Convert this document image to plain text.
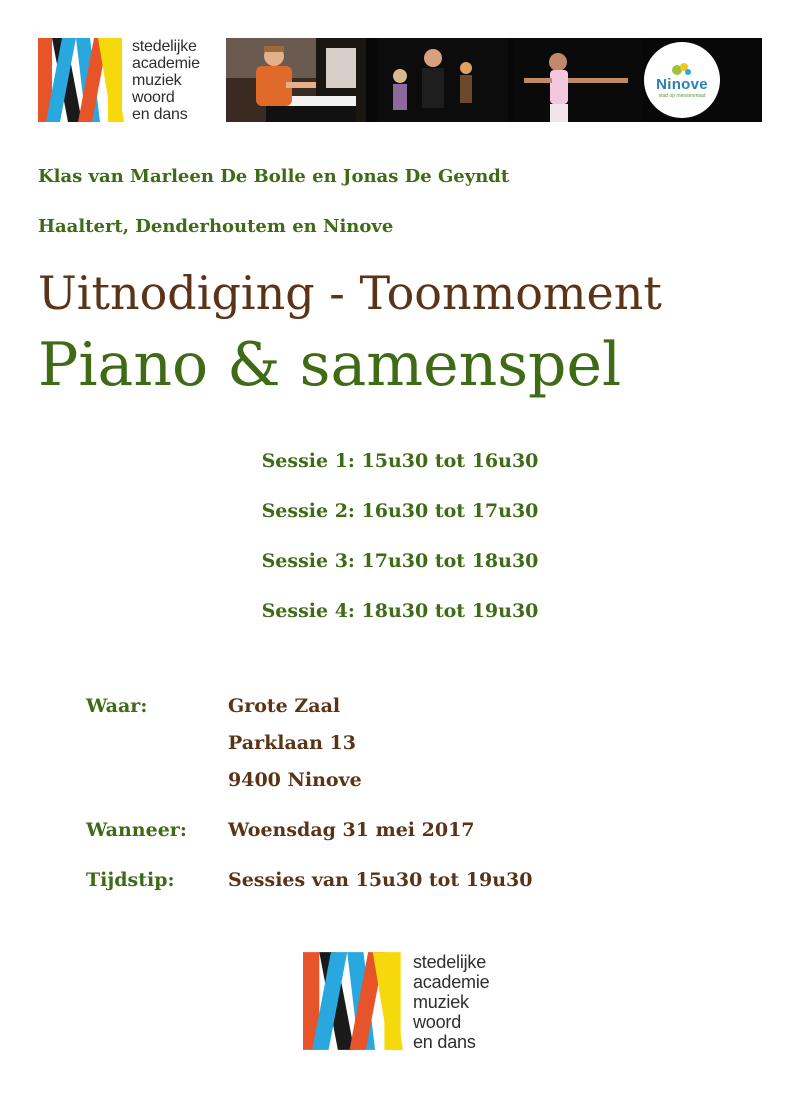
stedelijke
academie
muziek
woord
en dans
Ninove
stad op mensenmaat
Klas van Marleen De Bolle en Jonas De Geyndt
Haaltert, Denderhoutem en Ninove
Uitnodiging - Toonmoment
Piano & samenspel
Sessie 1: 15u30 tot 16u30
Sessie 2: 16u30 tot 17u30
Sessie 3: 17u30 tot 18u30
Sessie 4: 18u30 tot 19u30
Waar:	Grote Zaal
Parklaan 13
9400 Ninove
Wanneer: Woensdag 31 mei 2017
Tijdstip:	Sessies van 15u30 tot 19u30
stedelijke
academie
muziek
woord
en dans
